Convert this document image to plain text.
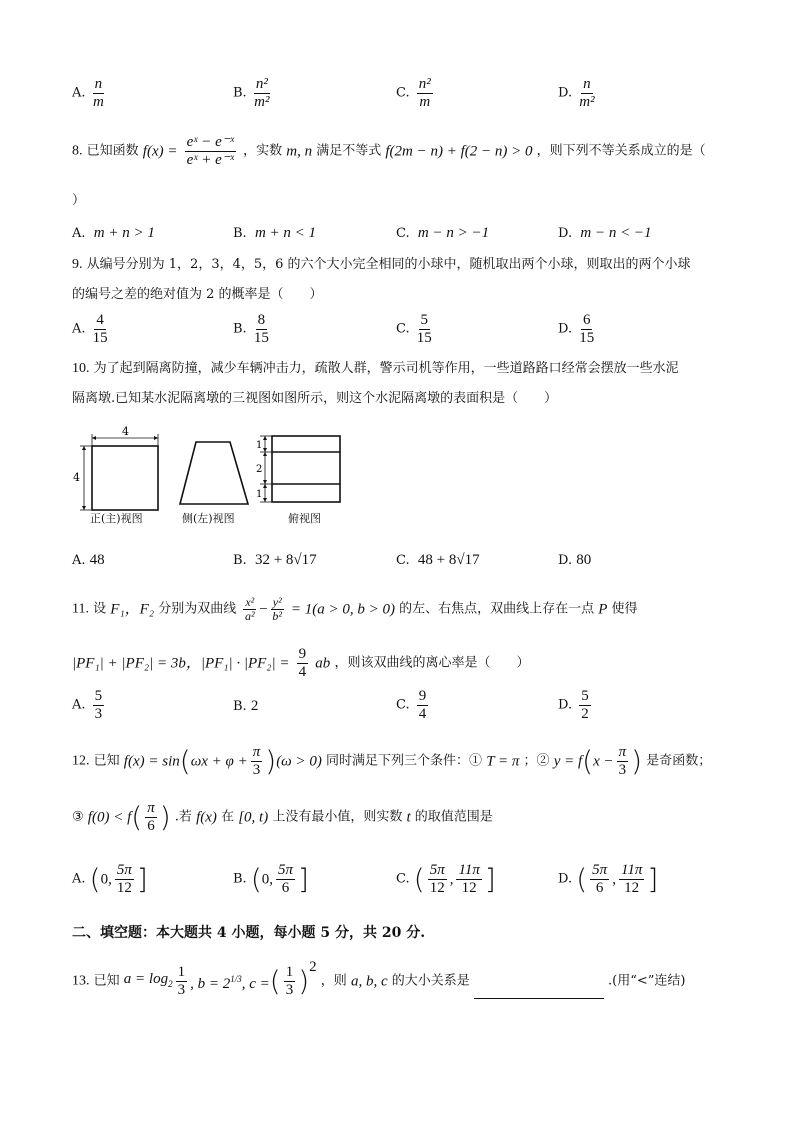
A. $\frac{n}{m}$	B. $\frac{\text{n²}}{\text{m²}}$	C. $\frac{\text{n²}}{m}$	D. $\frac{n}{\text{m²}}$
8. 已知函数 $f(x) = \frac{\text{eˣ − e⁻ˣ}}{\text{eˣ + e⁻ˣ}}$ ，实数 m, n 满足不等式 f(2m − n) + f(2 − n) > 0 ，则下列不等关系成立的是（
）
A. m + n > 1	B. m + n < 1	C. m − n > −1	D. m − n < −1
9. 从编号分别为 1，2，3，4，5，6 的六个大小完全相同的小球中，随机取出两个小球，则取出的两个小球
的编号之差的绝对值为 2 的概率是（　　）
A. $\frac{4}{15}$	B. $\frac{8}{15}$	C. $\frac{5}{15}$	D. $\frac{6}{15}$
10. 为了起到隔离防撞，减少车辆冲击力，疏散人群，警示司机等作用，一些道路路口经常会摆放一些水泥
隔离墩.已知某水泥隔离墩的三视图如图所示，则这个水泥隔离墩的表面积是（　　）
4
4
1
2
1
正(主)视图	侧(左)视图	俯视图
A. 48	B. 32 + 8√17	C. 48 + 8√17	D. 80
11. 设 F₁，F₂ 分别为双曲线 $\frac{\text{x²}}{\text{a²}} - \frac{\text{y²}}{\text{b²}} = 1(a > 0$, b > 0) 的左、右焦点，双曲线上存在一点 P 使得
|PF₁| + |PF₂| = 3b，$|PF_1| \cdot |PF_2| = \frac{9}{4}$ ab ，则该双曲线的离心率是（　　）
A. $\frac{5}{3}$	B. 2	C. $\frac{9}{4}$	D. $\frac{5}{2}$
12. 已知 $f(x) = \sin(\omega x + \varphi + \frac{\pi}{3} )(\omega > 0)$ 同时满足下列三个条件：① T = π ；② $y = f(x - \frac{\pi}{3}$ ) 是奇函数；
③ $f(0) < f( \frac{\pi}{6}$ ) .若 f(x) 在 [0, t) 上没有最小值，则实数 t 的取值范围是
A. (0, $\frac{5\pi}{12}$ ]	B. (0, $\frac{5\pi}{6}$ ]	C. ( $\frac{5\pi}{12}$ , $\frac{11\pi}{12}$ ]	D. ( $\frac{5\pi}{6}$ , $\frac{11\pi}{12}$ ]
二、填空题：本大题共 4 小题，每小题 5 分，共 20 分.
13. 已知 $a = \log_2 \frac{1}{3}$ , $b = 2^{1/3}$, c =( $\frac{1}{3} )^2$ ，则 a, b, c 的大小关系是	.(用“<”连结)
